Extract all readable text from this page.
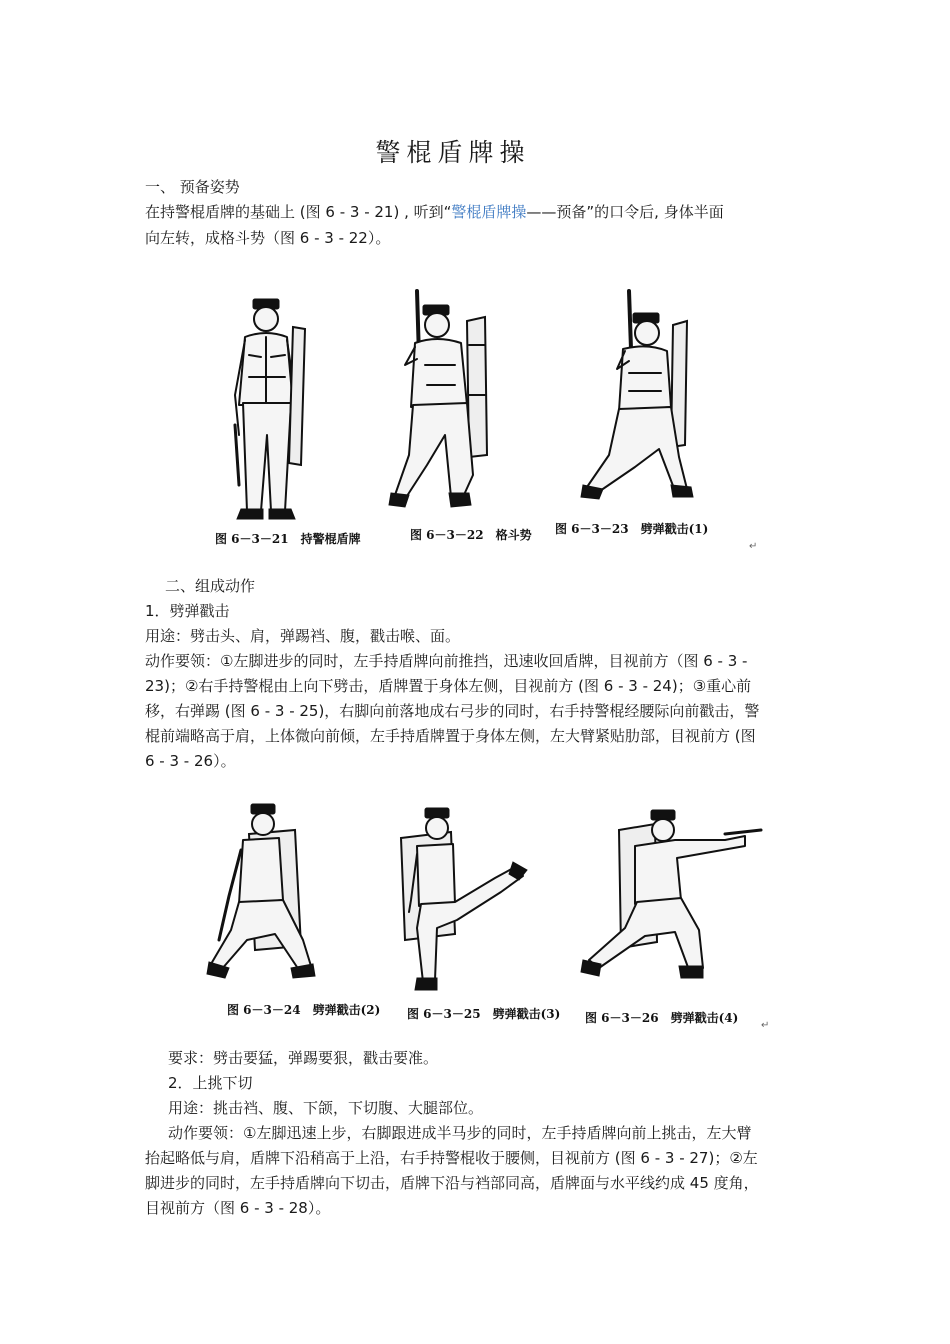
警棍盾牌操
一、 预备姿势
在持警棍盾牌的基础上 (图 6 - 3 - 21) , 听到“警棍盾牌操——预备”的口令后, 身体半面
向左转，成格斗势（图 6 - 3 - 22）。
图 6－3－21　持警棍盾牌	图 6－3－22　格斗势 图 6－3－23　劈弹戳击(1)
↵
二、组成动作
1．劈弹戳击
用途：劈击头、肩，弹踢裆、腹，戳击喉、面。
动作要领：①左脚进步的同时，左手持盾牌向前推挡，迅速收回盾牌，目视前方（图 6 - 3 -
23)；②右手持警棍由上向下劈击，盾牌置于身体左侧，目视前方 (图 6 - 3 - 24)；③重心前
移，右弹踢 (图 6 - 3 - 25)，右脚向前落地成右弓步的同时，右手持警棍经腰际向前戳击，警
棍前端略高于肩，上体微向前倾，左手持盾牌置于身体左侧，左大臂紧贴肋部，目视前方 (图
6 - 3 - 26）。
图 6－3－24　劈弹戳击(2) 图 6－3－25　劈弹戳击(3) 图 6－3－26　劈弹戳击(4)
↵
要求：劈击要猛，弹踢要狠，戳击要准。
2．上挑下切
用途：挑击裆、腹、下颌，下切腹、大腿部位。
动作要领：①左脚迅速上步，右脚跟进成半马步的同时，左手持盾牌向前上挑击，左大臂
抬起略低与肩，盾牌下沿稍高于上沿，右手持警棍收于腰侧，目视前方 (图 6 - 3 - 27)；②左
脚进步的同时，左手持盾牌向下切击，盾牌下沿与裆部同高，盾牌面与水平线约成 45 度角，
目视前方（图 6 - 3 - 28）。
